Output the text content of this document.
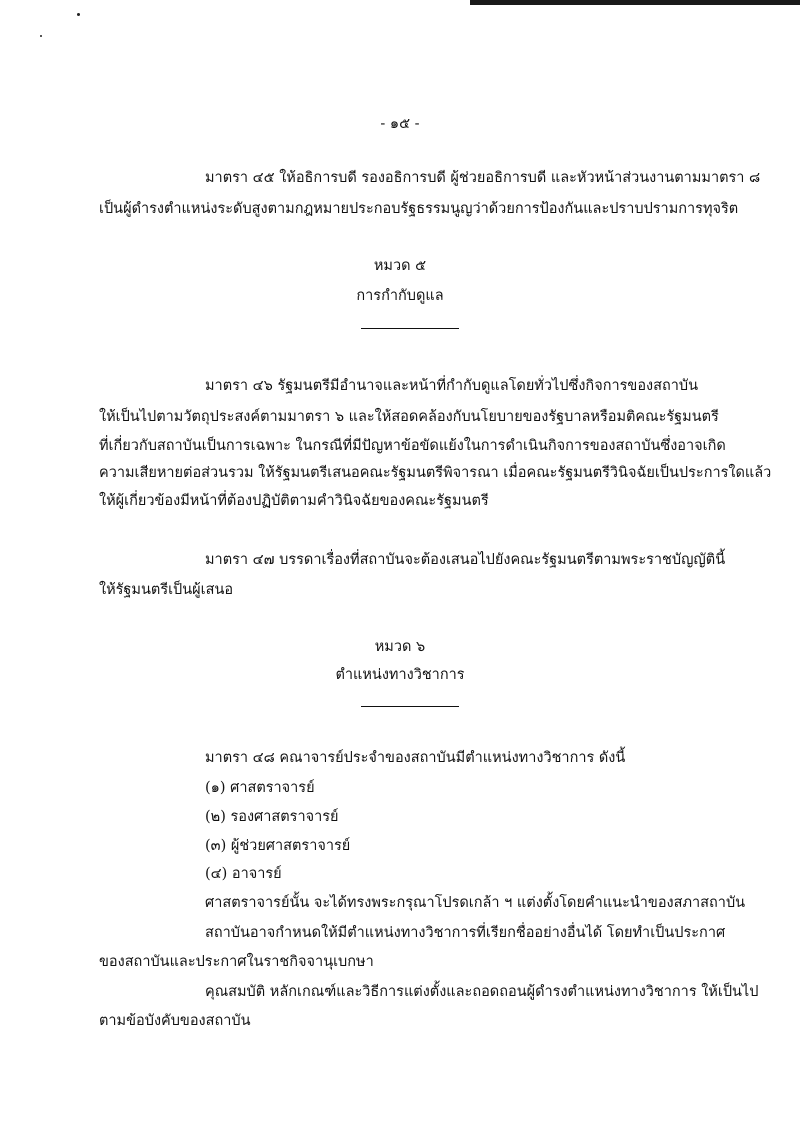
- ๑๕ -
มาตรา ๔๕ ให้อธิการบดี รองอธิการบดี ผู้ช่วยอธิการบดี และหัวหน้าส่วนงานตามมาตรา ๘
เป็นผู้ดำรงตำแหน่งระดับสูงตามกฎหมายประกอบรัฐธรรมนูญว่าด้วยการป้องกันและปราบปรามการทุจริต
หมวด ๕
การกำกับดูแล
มาตรา ๔๖ รัฐมนตรีมีอำนาจและหน้าที่กำกับดูแลโดยทั่วไปซึ่งกิจการของสถาบัน
ให้เป็นไปตามวัตถุประสงค์ตามมาตรา ๖ และให้สอดคล้องกับนโยบายของรัฐบาลหรือมติคณะรัฐมนตรี
ที่เกี่ยวกับสถาบันเป็นการเฉพาะ ในกรณีที่มีปัญหาข้อขัดแย้งในการดำเนินกิจการของสถาบันซึ่งอาจเกิด
ความเสียหายต่อส่วนรวม ให้รัฐมนตรีเสนอคณะรัฐมนตรีพิจารณา เมื่อคณะรัฐมนตรีวินิจฉัยเป็นประการใดแล้ว
ให้ผู้เกี่ยวข้องมีหน้าที่ต้องปฏิบัติตามคำวินิจฉัยของคณะรัฐมนตรี
มาตรา ๔๗ บรรดาเรื่องที่สถาบันจะต้องเสนอไปยังคณะรัฐมนตรีตามพระราชบัญญัตินี้
ให้รัฐมนตรีเป็นผู้เสนอ
หมวด ๖
ตำแหน่งทางวิชาการ
มาตรา ๔๘ คณาจารย์ประจำของสถาบันมีตำแหน่งทางวิชาการ ดังนี้
(๑) ศาสตราจารย์
(๒) รองศาสตราจารย์
(๓) ผู้ช่วยศาสตราจารย์
(๔) อาจารย์
ศาสตราจารย์นั้น จะได้ทรงพระกรุณาโปรดเกล้า ฯ แต่งตั้งโดยคำแนะนำของสภาสถาบัน
สถาบันอาจกำหนดให้มีตำแหน่งทางวิชาการที่เรียกชื่ออย่างอื่นได้ โดยทำเป็นประกาศ
ของสถาบันและประกาศในราชกิจจานุเบกษา
คุณสมบัติ หลักเกณฑ์และวิธีการแต่งตั้งและถอดถอนผู้ดำรงตำแหน่งทางวิชาการ ให้เป็นไป
ตามข้อบังคับของสถาบัน
